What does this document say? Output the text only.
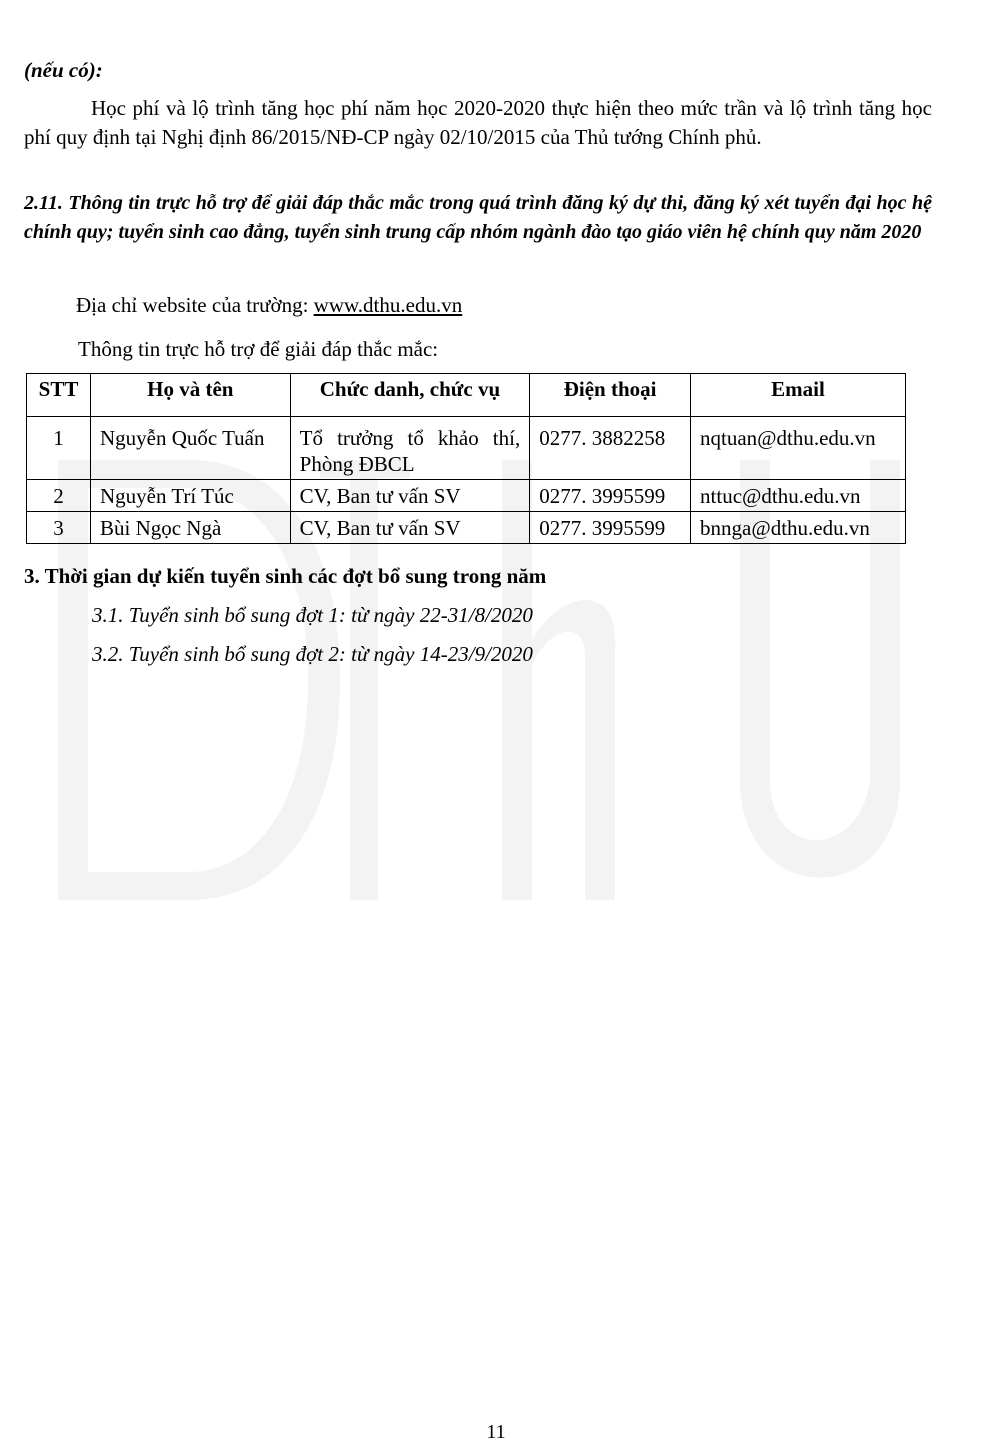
(nếu có):
Học phí và lộ trình tăng học phí năm học 2020-2020 thực hiện theo mức trần và lộ trình tăng học phí quy định tại Nghị định 86/2015/NĐ-CP ngày 02/10/2015 của Thủ tướng Chính phủ.
2.11. Thông tin trực hỗ trợ để giải đáp thắc mắc trong quá trình đăng ký dự thi, đăng ký xét tuyển đại học hệ chính quy; tuyển sinh cao đẳng, tuyển sinh trung cấp nhóm ngành đào tạo giáo viên hệ chính quy năm 2020
Địa chỉ website của trường: www.dthu.edu.vn
Thông tin trực hỗ trợ để giải đáp thắc mắc:
STT	Họ và tên	Chức danh, chức vụ	Điện thoại	Email
1	Nguyễn Quốc Tuấn	Tổ trưởng tổ khảo thí, Phòng ĐBCL	0277. 3882258	nqtuan@dthu.edu.vn
2	Nguyễn Trí Túc	CV, Ban tư vấn SV	0277. 3995599	nttuc@dthu.edu.vn
3	Bùi Ngọc Ngà	CV, Ban tư vấn SV	0277. 3995599	bnnga@dthu.edu.vn
3. Thời gian dự kiến tuyển sinh các đợt bổ sung trong năm
3.1. Tuyển sinh bổ sung đợt 1: từ ngày 22-31/8/2020
3.2. Tuyển sinh bổ sung đợt 2: từ ngày 14-23/9/2020
11
